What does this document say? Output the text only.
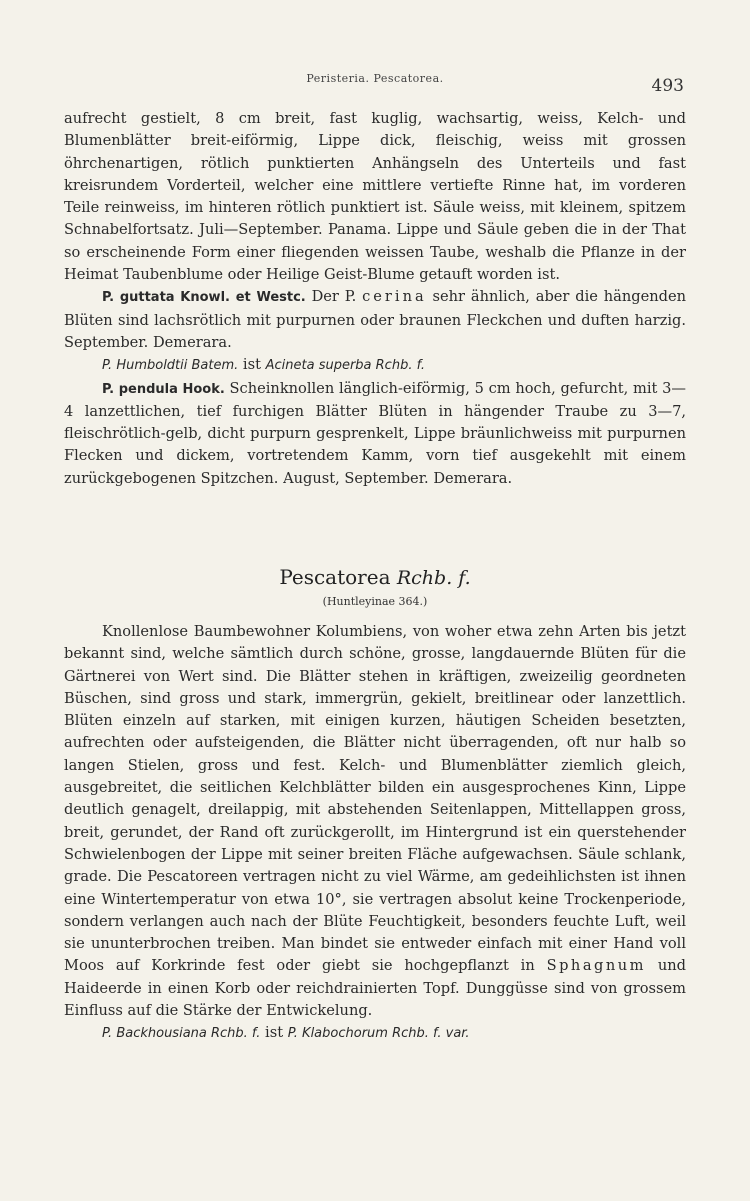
Peristeria. Pescatorea.	493

aufrecht gestielt, 8 cm breit, fast kuglig, wachsartig, weiss, Kelch- und Blumenblätter breit-eiförmig, Lippe dick, fleischig, weiss mit grossen öhrchenartigen, rötlich punktierten Anhängseln des Unterteils und fast kreisrundem Vorderteil, welcher eine mittlere vertiefte Rinne hat, im vorderen Teile reinweiss, im hinteren rötlich punktiert ist. Säule weiss, mit kleinem, spitzem Schnabelfortsatz. Juli—September. Panama. Lippe und Säule geben die in der That so erscheinende Form einer fliegenden weissen Taube, weshalb die Pflanze in der Heimat Taubenblume oder Heilige Geist-Blume getauft worden ist.

P. guttata Knowl. et Westc. Der P. cerina sehr ähnlich, aber die hängenden Blüten sind lachsrötlich mit purpurnen oder braunen Fleckchen und duften harzig. September. Demerara.

P. Humboldtii Batem. ist Acineta superba Rchb. f.

P. pendula Hook. Scheinknollen länglich-eiförmig, 5 cm hoch, gefurcht, mit 3—4 lanzettlichen, tief furchigen Blätter Blüten in hängender Traube zu 3—7, fleischrötlich-gelb, dicht purpurn gesprenkelt, Lippe bräunlichweiss mit purpurnen Flecken und dickem, vortretendem Kamm, vorn tief ausgekehlt mit einem zurückgebogenen Spitzchen. August, September. Demerara.

Pescatorea Rchb. f.
(Huntleyinae 364.)

Knollenlose Baumbewohner Kolumbiens, von woher etwa zehn Arten bis jetzt bekannt sind, welche sämtlich durch schöne, grosse, langdauernde Blüten für die Gärtnerei von Wert sind. Die Blätter stehen in kräftigen, zweizeilig geordneten Büschen, sind gross und stark, immergrün, gekielt, breitlinear oder lanzettlich. Blüten einzeln auf starken, mit einigen kurzen, häutigen Scheiden besetzten, aufrechten oder aufsteigenden, die Blätter nicht überragenden, oft nur halb so langen Stielen, gross und fest. Kelch- und Blumenblätter ziemlich gleich, ausgebreitet, die seitlichen Kelchblätter bilden ein ausgesprochenes Kinn, Lippe deutlich genagelt, dreilappig, mit abstehenden Seitenlappen, Mittellappen gross, breit, gerundet, der Rand oft zurückgerollt, im Hintergrund ist ein querstehender Schwielenbogen der Lippe mit seiner breiten Fläche aufgewachsen. Säule schlank, grade. Die Pescatoreen vertragen nicht zu viel Wärme, am gedeihlichsten ist ihnen eine Wintertemperatur von etwa 10°, sie vertragen absolut keine Trockenperiode, sondern verlangen auch nach der Blüte Feuchtigkeit, besonders feuchte Luft, weil sie ununterbrochen treiben. Man bindet sie entweder einfach mit einer Hand voll Moos auf Korkrinde fest oder giebt sie hochgepflanzt in Sphagnum und Haideerde in einen Korb oder reichdrainierten Topf. Dunggüsse sind von grossem Einfluss auf die Stärke der Entwickelung.

P. Backhousiana Rchb. f. ist P. Klabochorum Rchb. f. var.
